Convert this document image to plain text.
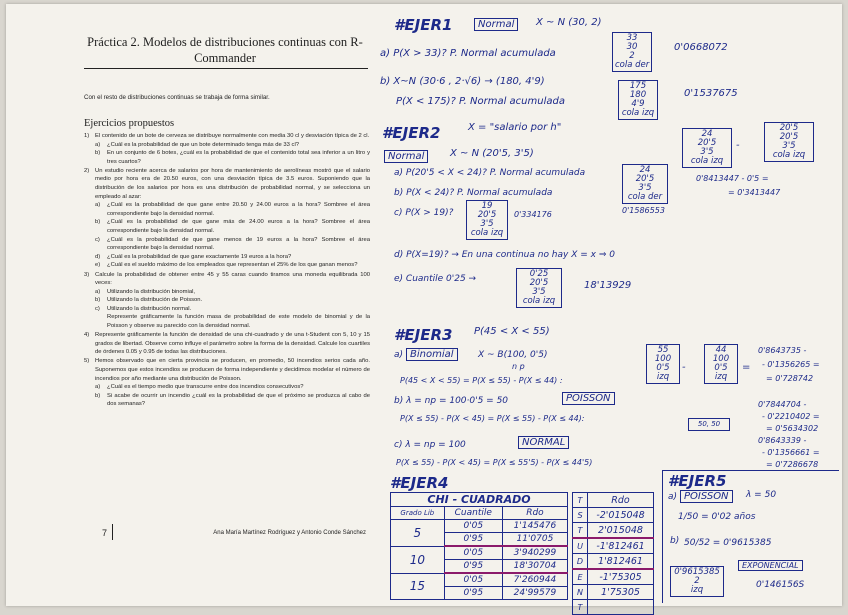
Práctica 2. Modelos de distribuciones continuas con R-Commander
Con el resto de distribuciones continuas se trabaja de forma similar.
Ejercicios propuestos
1) El contenido de un bote de cerveza se distribuye normalmente con media 30 cl y desviación típica de 2 cl.
a)	¿Cuál es la probabilidad de que un bote determinado tenga más de 33 cl?
b)	En un conjunto de 6 botes, ¿cuál es la probabilidad de que el contenido total sea inferior a un litro y tres cuartos?
2) Un estudio reciente acerca de salarios por hora de mantenimiento de aerolíneas mostró que el salario medio por hora era de 20.50 euros, con una desviación típica de 3.5 euros. Suponiendo que la distribución de los salarios por hora es una distribución de probabilidad normal, y se selecciona un empleado al azar:
a)	¿Cuál es la probabilidad de que gane entre 20.50 y 24.00 euros a la hora? Sombree el área correspondiente bajo la densidad normal.
b)	¿Cuál es la probabilidad de que gane más de 24.00 euros a la hora? Sombree el área correspondiente bajo la densidad normal.
c)	¿Cuál es la probabilidad de que gane menos de 19 euros a la hora? Sombree el área correspondiente bajo la densidad normal.
d)	¿Cuál es la probabilidad de que gane exactamente 19 euros a la hora?
e)	¿Cuál es el sueldo máximo de los empleados que representan el 25% de los que ganan menos?
3) Calcule la probabilidad de obtener entre 45 y 55 caras cuando tiramos una moneda equilibrada 100 veces:
a)	Utilizando la distribución binomial,
b)	Utilizando la distribución de Poisson.
c)	Utilizando la distribución normal.
Represente gráficamente la función masa de probabilidad de este modelo de binomial y de la Poisson y observe su parecido con la densidad normal.
4) Represente gráficamente la función de densidad de una chi-cuadrado y de una t-Student con 5, 10 y 15 grados de libertad. Observe como influye el parámetro sobre la forma de la densidad. Calcule los cuartiles de órdenes 0.05 y 0.95 de todas las distribuciones.
5) Hemos observado que en cierta provincia se producen, en promedio, 50 incendios serios cada año. Suponemos que estos incendios se producen de forma independiente y decidimos modelar el número de incendios por año mediante una distribución de Poisson.
a)	¿Cuál es el tiempo medio que transcurre entre dos incendios consecutivos?
b)	Si acabe de ocurrir un incendio ¿cuál es la probabilidad de que el próximo se produzca al cabo de dos semanas?
7	Ana María Martínez Rodríguez y Antonio Conde Sánchez
#EJER1	Normal	X ~ N (30, 2)
a) P(X > 33)? P. Normal acumulada
33
30
2
cola der
0'0668072
b) X~N (30·6 , 2·√6) → (180, 4'9)
P(X < 175)? P. Normal acumulada
175
180
4'9
cola izq
0'1537675
#EJER2	X = "salario por h"
Normal	X ~ N (20'5, 3'5)
a) P(20'5 < X < 24)? P. Normal acumulada
24
20'5
3'5
cola izq
-
20'5
20'5
3'5
cola izq
0'8413447 - 0'5 =
= 0'3413447
b) P(X < 24)? P. Normal acumulada
24
20'5
3'5
cola der
0'1586553
c) P(X > 19)?
19
20'5
3'5
cola izq
0'334176
d) P(X=19)? → En una continua no hay X = x ⇒ 0
e) Cuantile 0'25 →	0'25
20'5
3'5
cola izq
18'13929
#EJER3 P(45 < X < 55)
a) Binomial	X ~ B(100, 0'5)
n p
P(45 < X < 55) = P(X ≤ 55) - P(X ≤ 44) :
55
100
0'5
izq
-
44
100
0'5
izq
=
0'8643735 -
- 0'1356265 =
= 0'728742
b) λ = np = 100·0'5 = 50	POISSON
P(X ≤ 55) - P(X < 45) = P(X ≤ 55) - P(X ≤ 44):
50, 50
0'7844704 -
- 0'2210402 =
= 0'5634302
c) λ = np = 100	NORMAL
P(X ≤ 55) - P(X < 45) = P(X ≤ 55'5) - P(X ≤ 44'5)
0'8643339 -
- 0'1356661 =
= 0'7286678
#EJER4
CHI - CUADRADO		
Grado Lib	Cuantile	Rdo
5	0'05	1'145476
	0'95	11'0705
10	0'05	3'940299
	0'95	18'30704
15	0'05	7'260944
	0'95	24'99579
T	Rdo
S	-2'015048
T	2'015048
U	-1'812461
D	1'812461
E	-1'75305
N	1'75305
T	
#EJER5
a) POISSON	λ = 50
1/50 = 0'02 años
b) 50/52 = 0'9615385
0'9615385
2
izq
EXPONENCIAL
0'146156S
